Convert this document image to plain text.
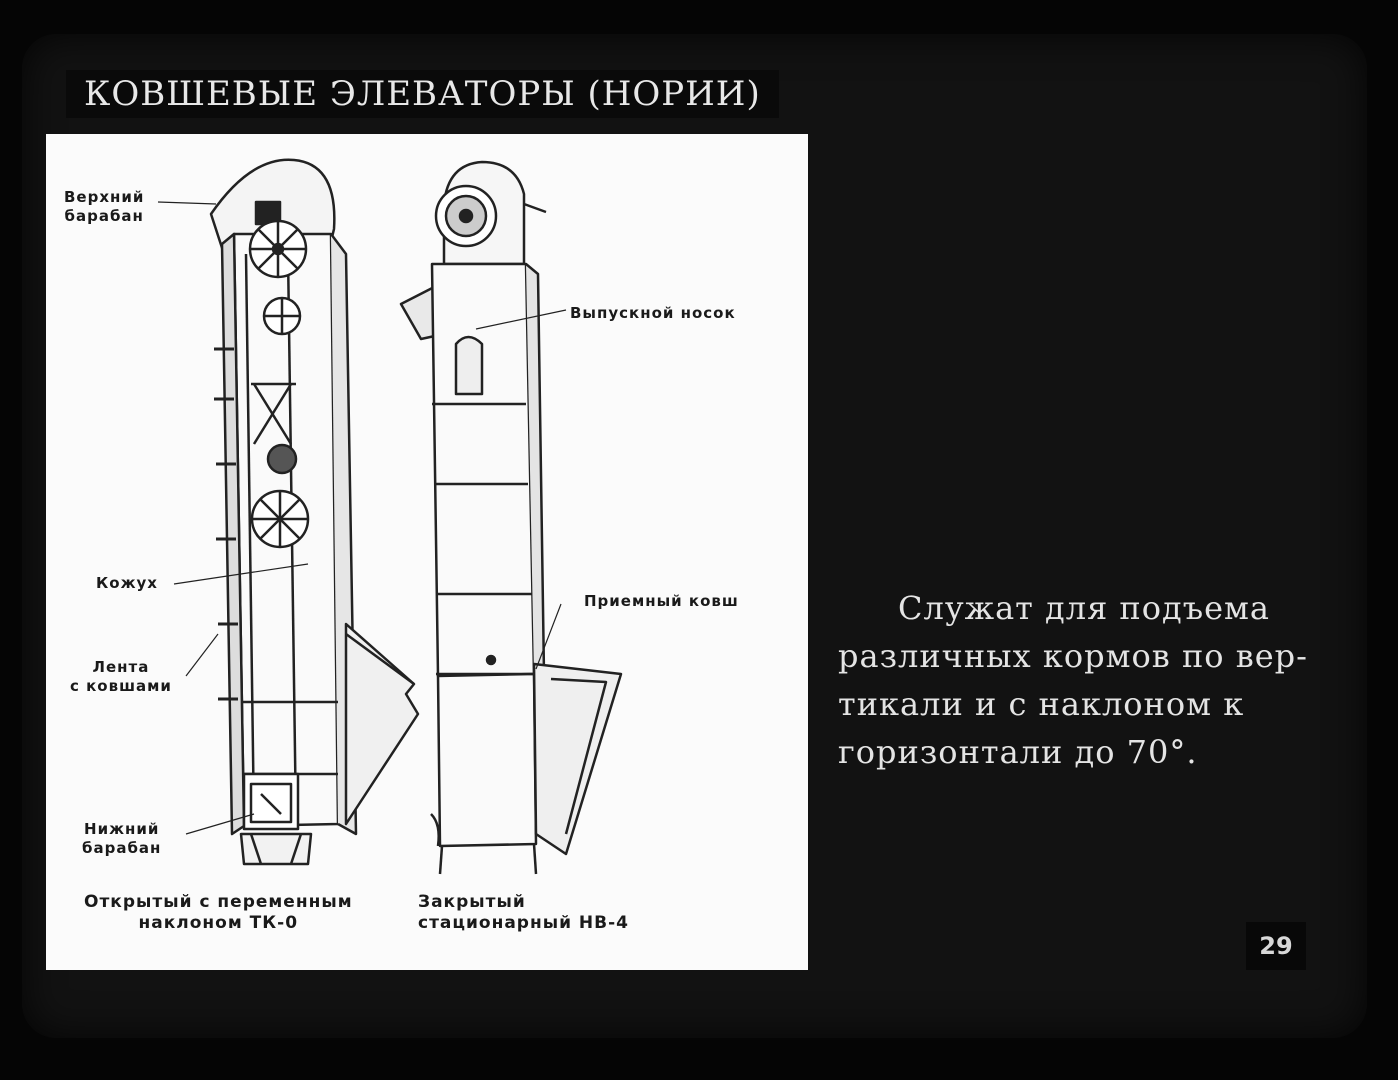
КОВШЕВЫЕ ЭЛЕВАТОРЫ (НОРИИ)
Верхний
барабан
Выпускной носок
Кожух
Лента
с ковшами
Приемный ковш
Нижний
барабан
Открытый с переменным
наклоном ТК-0
Закрытый
стационарный НВ-4
Служат для подъема
различных кормов по вер-
тикали и с наклоном к
горизонтали до 70°.
29
